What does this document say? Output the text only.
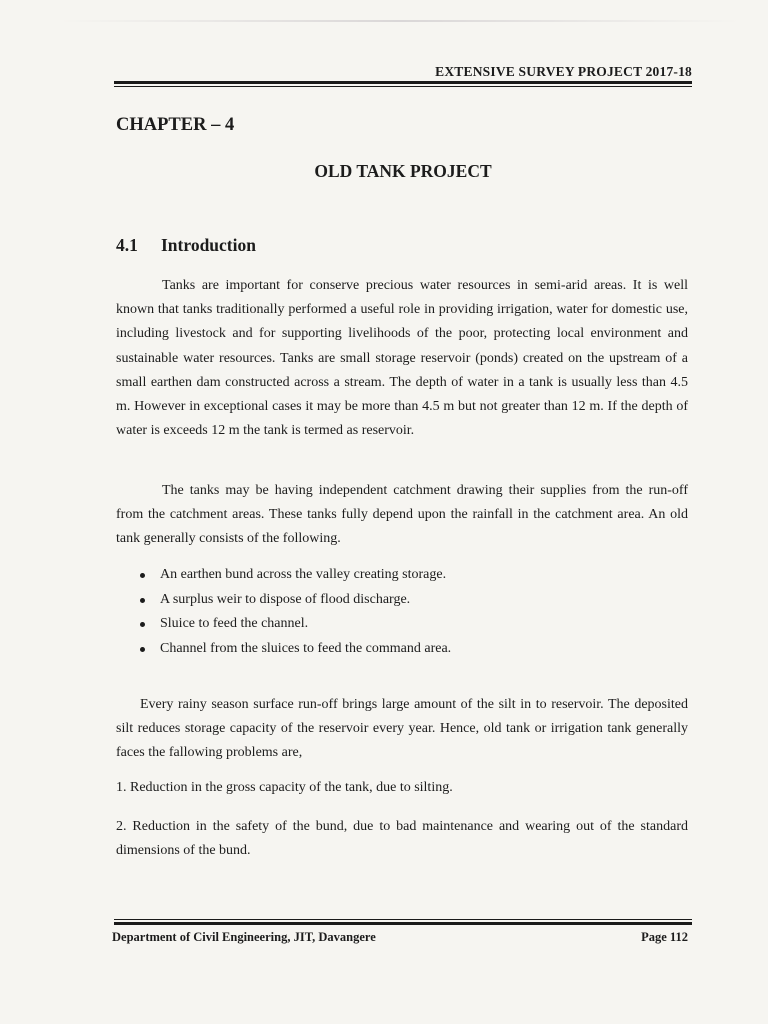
EXTENSIVE SURVEY PROJECT 2017-18
CHAPTER – 4
OLD TANK PROJECT
4.1 Introduction

Tanks are important for conserve precious water resources in semi-arid areas. It is well known that tanks traditionally performed a useful role in providing irrigation, water for domestic use, including livestock and for supporting livelihoods of the poor, protecting local environment and sustainable water resources. Tanks are small storage reservoir (ponds) created on the upstream of a small earthen dam constructed across a stream. The depth of water in a tank is usually less than 4.5 m. However in exceptional cases it may be more than 4.5 m but not greater than 12 m. If the depth of water is exceeds 12 m the tank is termed as reservoir.

The tanks may be having independent catchment drawing their supplies from the run-off from the catchment areas. These tanks fully depend upon the rainfall in the catchment area. An old tank generally consists of the following.

An earthen bund across the valley creating storage.
A surplus weir to dispose of flood discharge.
Sluice to feed the channel.
Channel from the sluices to feed the command area.

Every rainy season surface run-off brings large amount of the silt in to reservoir. The deposited silt reduces storage capacity of the reservoir every year. Hence, old tank or irrigation tank generally faces the fallowing problems are,

1. Reduction in the gross capacity of the tank, due to silting.

2. Reduction in the safety of the bund, due to bad maintenance and wearing out of the standard dimensions of the bund.

Department of Civil Engineering, JIT, Davangere	Page 112
